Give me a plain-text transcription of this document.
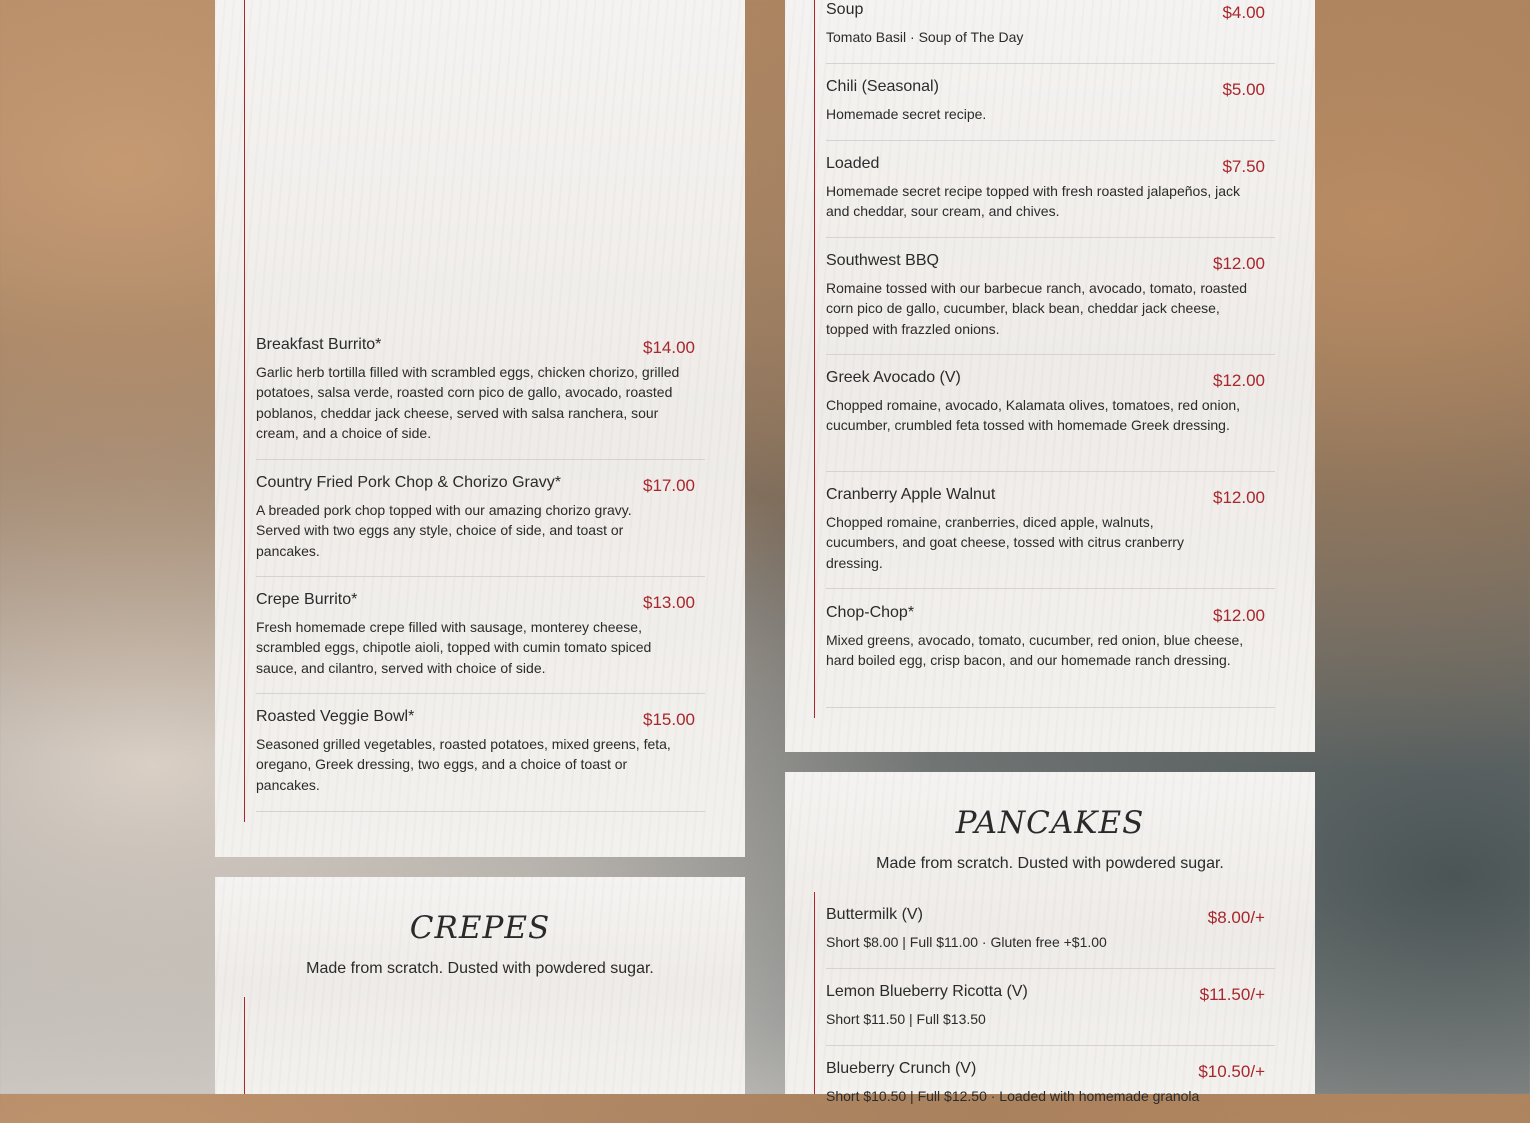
Breakfast Burrito*	$14.00
Garlic herb tortilla filled with scrambled eggs, chicken chorizo, grilled potatoes, salsa verde, roasted corn pico de gallo, avocado, roasted poblanos, cheddar jack cheese, served with salsa ranchera, sour cream, and a choice of side.
Country Fried Pork Chop & Chorizo Gravy*	$17.00
A breaded pork chop topped with our amazing chorizo gravy. Served with two eggs any style, choice of side, and toast or pancakes.
Crepe Burrito*	$13.00
Fresh homemade crepe filled with sausage, monterey cheese, scrambled eggs, chipotle aioli, topped with cumin tomato spiced sauce, and cilantro, served with choice of side.
Roasted Veggie Bowl*	$15.00
Seasoned grilled vegetables, roasted potatoes, mixed greens, feta, oregano, Greek dressing, two eggs, and a choice of toast or pancakes.
CREPES
Made from scratch. Dusted with powdered sugar.
Soup	$4.00
Tomato Basil · Soup of The Day
Chili (Seasonal)	$5.00
Homemade secret recipe.
Loaded	$7.50
Homemade secret recipe topped with fresh roasted jalapeños, jack and cheddar, sour cream, and chives.
Southwest BBQ	$12.00
Romaine tossed with our barbecue ranch, avocado, tomato, roasted corn pico de gallo, cucumber, black bean, cheddar jack cheese, topped with frazzled onions.
Greek Avocado (V)	$12.00
Chopped romaine, avocado, Kalamata olives, tomatoes, red onion, cucumber, crumbled feta tossed with homemade Greek dressing.
Cranberry Apple Walnut	$12.00
Chopped romaine, cranberries, diced apple, walnuts, cucumbers, and goat cheese, tossed with citrus cranberry dressing.
Chop-Chop*	$12.00
Mixed greens, avocado, tomato, cucumber, red onion, blue cheese, hard boiled egg, crisp bacon, and our homemade ranch dressing.
PANCAKES
Made from scratch. Dusted with powdered sugar.
Buttermilk (V)	$8.00/+
Short $8.00 | Full $11.00 · Gluten free +$1.00
Lemon Blueberry Ricotta (V)	$11.50/+
Short $11.50 | Full $13.50
Blueberry Crunch (V)	$10.50/+
Short $10.50 | Full $12.50 · Loaded with homemade granola
